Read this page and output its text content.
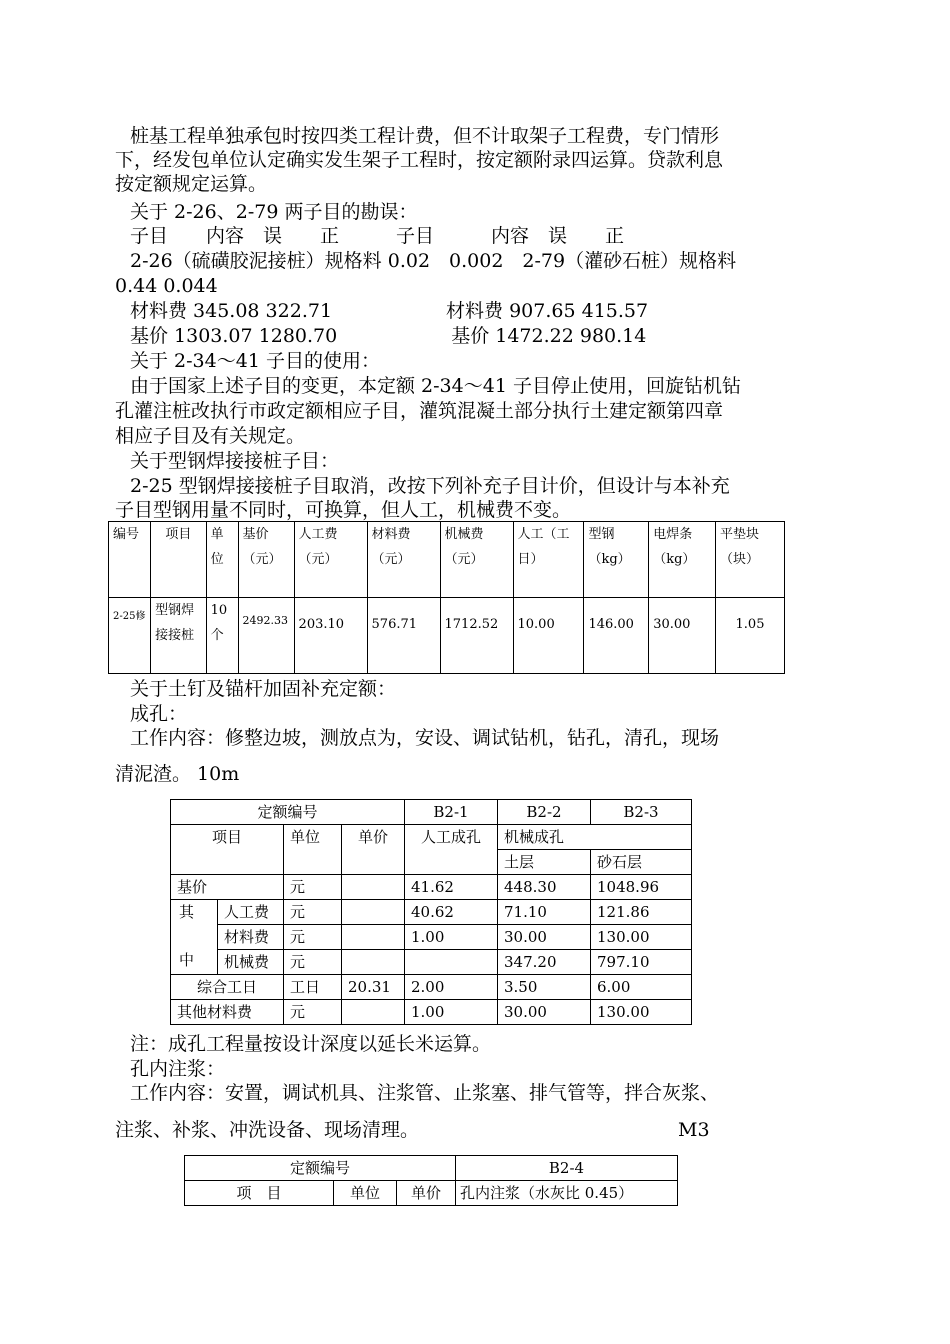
桩基工程单独承包时按四类工程计费，但不计取架子工程费，专门情形
下，经发包单位认定确实发生架子工程时，按定额附录四运算。贷款利息
按定额规定运算。
关于 2-26、2-79 两子目的勘误：
子目　　内容　误　　正　　　子目　　　内容　误　　正
2-26（硫磺胶泥接桩）规格料 0.02　0.002　2-79（灌砂石桩）规格料
0.44 0.044
材料费 345.08 322.71　　　　　　材料费 907.65 415.57
基价 1303.07 1280.70　　　　　　基价 1472.22 980.14
关于 2-34～41 子目的使用：
由于国家上述子目的变更，本定额 2-34～41 子目停止使用，回旋钻机钻
孔灌注桩改执行市政定额相应子目，灌筑混凝土部分执行土建定额第四章
相应子目及有关规定。
关于型钢焊接接桩子目：
2-25 型钢焊接接桩子目取消，改按下列补充子目计价，但设计与本补充
子目型钢用量不同时，可换算，但人工，机械费不变。
编号	项目	单位	基价（元）	人工费（元）	材料费（元）	机械费（元）	人工（工日）	型钢（kg）	电焊条（kg）	平垫块（块）
2-25修	型钢焊接接桩	10个	2492.33	203.10	576.71	1712.52	10.00	146.00	30.00	1.05
关于土钉及锚杆加固补充定额：
成孔：
工作内容：修整边坡，测放点为，安设、调试钻机，钻孔，清孔，现场
清泥渣。 10m
定额编号				B2-1	B2-2	B2-3
项目		单位	单价	人工成孔	机械成孔	
					土层	砂石层
基价		元		41.62	448.30	1048.96

其
中	人工费	元		40.62	71.10	121.86
	材料费	元		1.00	30.00	130.00
	机械费	元			347.20	797.10
综合工日		工日	20.31	2.00	3.50	6.00
其他材料费		元		1.00	30.00	130.00
注：成孔工程量按设计深度以延长米运算。
孔内注浆：
工作内容：安置，调试机具、注浆管、止浆塞、排气管等，拌合灰浆、
注浆、补浆、冲洗设备、现场清理。	M3
定额编号			B2-4
项　目	单位	单价	孔内注浆（水灰比 0.45）
